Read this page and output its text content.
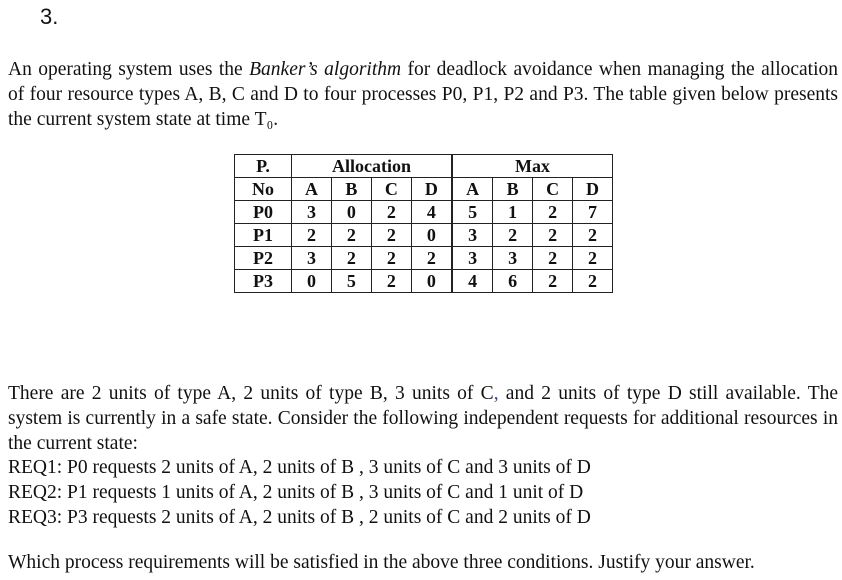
3.

An operating system uses the Banker’s algorithm for deadlock avoidance when managing the allocation of four resource types A, B, C and D to four processes P0, P1, P2 and P3. The table given below presents the current system state at time T₀.

P.	Allocation				Max			
No	A	B	C	D	A	B	C	D
P0	3	0	2	4	5	1	2	7
P1	2	2	2	0	3	2	2	2
P2	3	2	2	2	3	3	2	2
P3	0	5	2	0	4	6	2	2

There are 2 units of type A, 2 units of type B, 3 units of C, and 2 units of type D still available. The system is currently in a safe state. Consider the following independent requests for additional resources in the current state:

REQ1: P0 requests 2 units of A, 2 units of B , 3 units of C and 3 units of D
REQ2: P1 requests 1 units of A, 2 units of B , 3 units of C and 1 unit of D
REQ3: P3 requests 2 units of A, 2 units of B , 2 units of C and 2 units of D

Which process requirements will be satisfied in the above three conditions. Justify your answer.
